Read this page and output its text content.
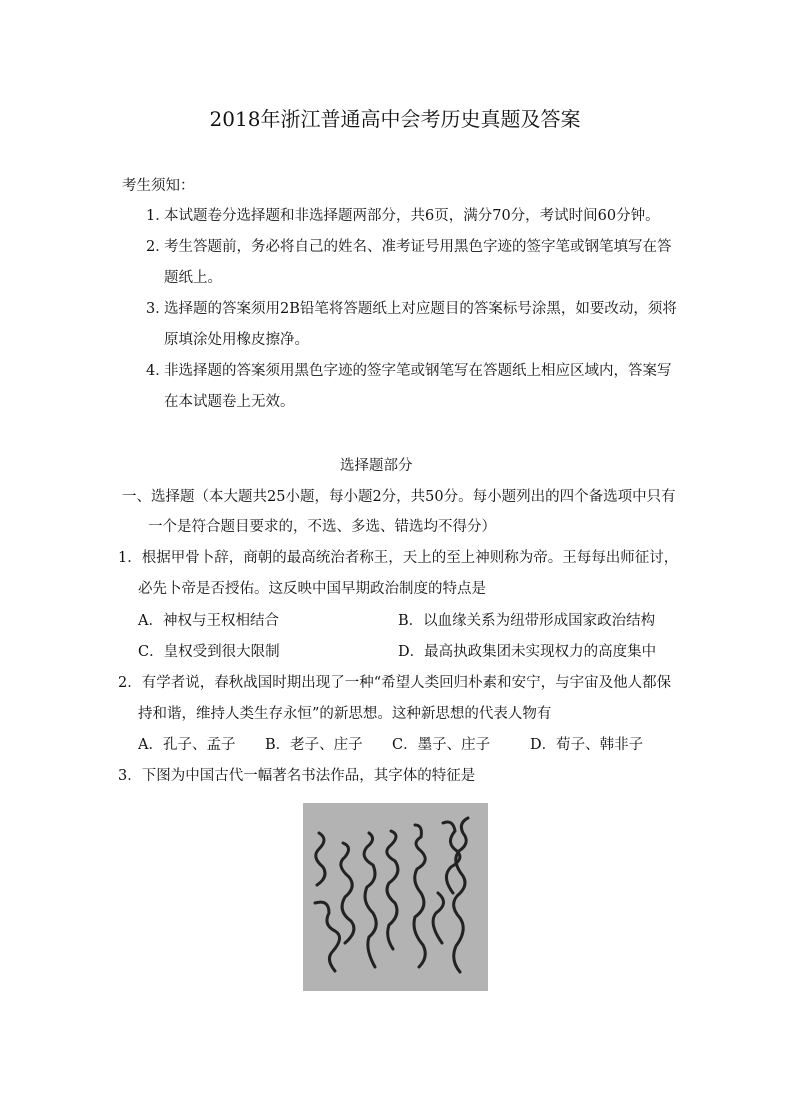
2018年浙江普通高中会考历史真题及答案
考生须知：
1．
本试题卷分选择题和非选择题两部分，共6页，满分70分，考试时间60分钟。
2．
考生答题前，务必将自己的姓名、准考证号用黑色字迹的签字笔或钢笔填写在答
题纸上。
3．
选择题的答案须用2B铅笔将答题纸上对应题目的答案标号涂黑，如要改动，须将
原填涂处用橡皮擦净。
4．
非选择题的答案须用黑色字迹的签字笔或钢笔写在答题纸上相应区域内，答案写
在本试题卷上无效。
选择题部分
一、选择题（本大题共25小题，每小题2分，共50分。每小题列出的四个备选项中只有
一个是符合题目要求的，不选、多选、错选均不得分）
1．根据甲骨卜辞，商朝的最高统治者称王，天上的至上神则称为帝。王每每出师征讨，
必先卜帝是否授佑。这反映中国早期政治制度的特点是
A．神权与王权相结合	B．以血缘关系为纽带形成国家政治结构
C．皇权受到很大限制	D．最高执政集团未实现权力的高度集中
2．有学者说，春秋战国时期出现了一种“希望人类回归朴素和安宁，与宇宙及他人都保
持和谐，维持人类生存永恒”的新思想。这种新思想的代表人物有
A．孔子、孟子 B．老子、庄子 C．墨子、庄子	D．荀子、韩非子
3．下图为中国古代一幅著名书法作品，其字体的特征是
